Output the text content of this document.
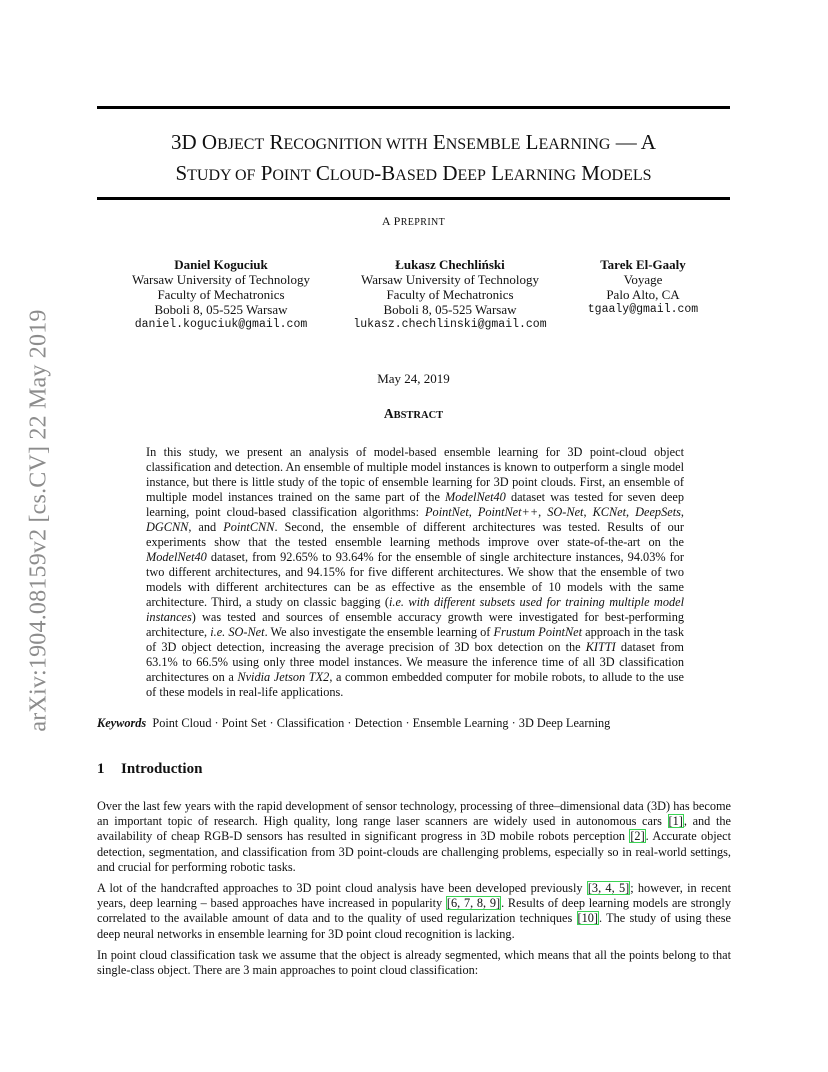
arXiv:1904.08159v2 [cs.CV] 22 May 2019
3D OBJECT RECOGNITION WITH ENSEMBLE LEARNING — A
STUDY OF POINT CLOUD-BASED DEEP LEARNING MODELS
A PREPRINT
Daniel Koguciuk
Warsaw University of Technology
Faculty of Mechatronics
Boboli 8, 05-525 Warsaw
daniel.koguciuk@gmail.com
Łukasz Chechliński
Warsaw University of Technology
Faculty of Mechatronics
Boboli 8, 05-525 Warsaw
lukasz.chechlinski@gmail.com
Tarek El-Gaaly
Voyage
Palo Alto, CA
tgaaly@gmail.com
May 24, 2019
ABSTRACT
In this study, we present an analysis of model-based ensemble learning for 3D point-cloud object classification and detection. An ensemble of multiple model instances is known to outperform a single model instance, but there is little study of the topic of ensemble learning for 3D point clouds. First, an ensemble of multiple model instances trained on the same part of the ModelNet40 dataset was tested for seven deep learning, point cloud-based classification algorithms: PointNet, PointNet++, SO-Net, KCNet, DeepSets, DGCNN, and PointCNN. Second, the ensemble of different architectures was tested. Results of our experiments show that the tested ensemble learning methods improve over state-of-the-art on the ModelNet40 dataset, from 92.65% to 93.64% for the ensemble of single architecture instances, 94.03% for two different architectures, and 94.15% for five different architectures. We show that the ensemble of two models with different architectures can be as effective as the ensemble of 10 models with the same architecture. Third, a study on classic bagging (i.e. with different subsets used for training multiple model instances) was tested and sources of ensemble accuracy growth were investigated for best-performing architecture, i.e. SO-Net. We also investigate the ensemble learning of Frustum PointNet approach in the task of 3D object detection, increasing the average precision of 3D box detection on the KITTI dataset from 63.1% to 66.5% using only three model instances. We measure the inference time of all 3D classification architectures on a Nvidia Jetson TX2, a common embedded computer for mobile robots, to allude to the use of these models in real-life applications.
Keywords Point Cloud · Point Set · Classification · Detection · Ensemble Learning · 3D Deep Learning
1 Introduction
Over the last few years with the rapid development of sensor technology, processing of three–dimensional data (3D) has become an important topic of research. High quality, long range laser scanners are widely used in autonomous cars [1], and the availability of cheap RGB-D sensors has resulted in significant progress in 3D mobile robots perception [2]. Accurate object detection, segmentation, and classification from 3D point-clouds are challenging problems, especially so in real-world settings, and crucial for performing robotic tasks.
A lot of the handcrafted approaches to 3D point cloud analysis have been developed previously [3, 4, 5]; however, in recent years, deep learning – based approaches have increased in popularity [6, 7, 8, 9]. Results of deep learning models are strongly correlated to the available amount of data and to the quality of used regularization techniques [10]. The study of using these deep neural networks in ensemble learning for 3D point cloud recognition is lacking.
In point cloud classification task we assume that the object is already segmented, which means that all the points belong to that single-class object. There are 3 main approaches to point cloud classification:
